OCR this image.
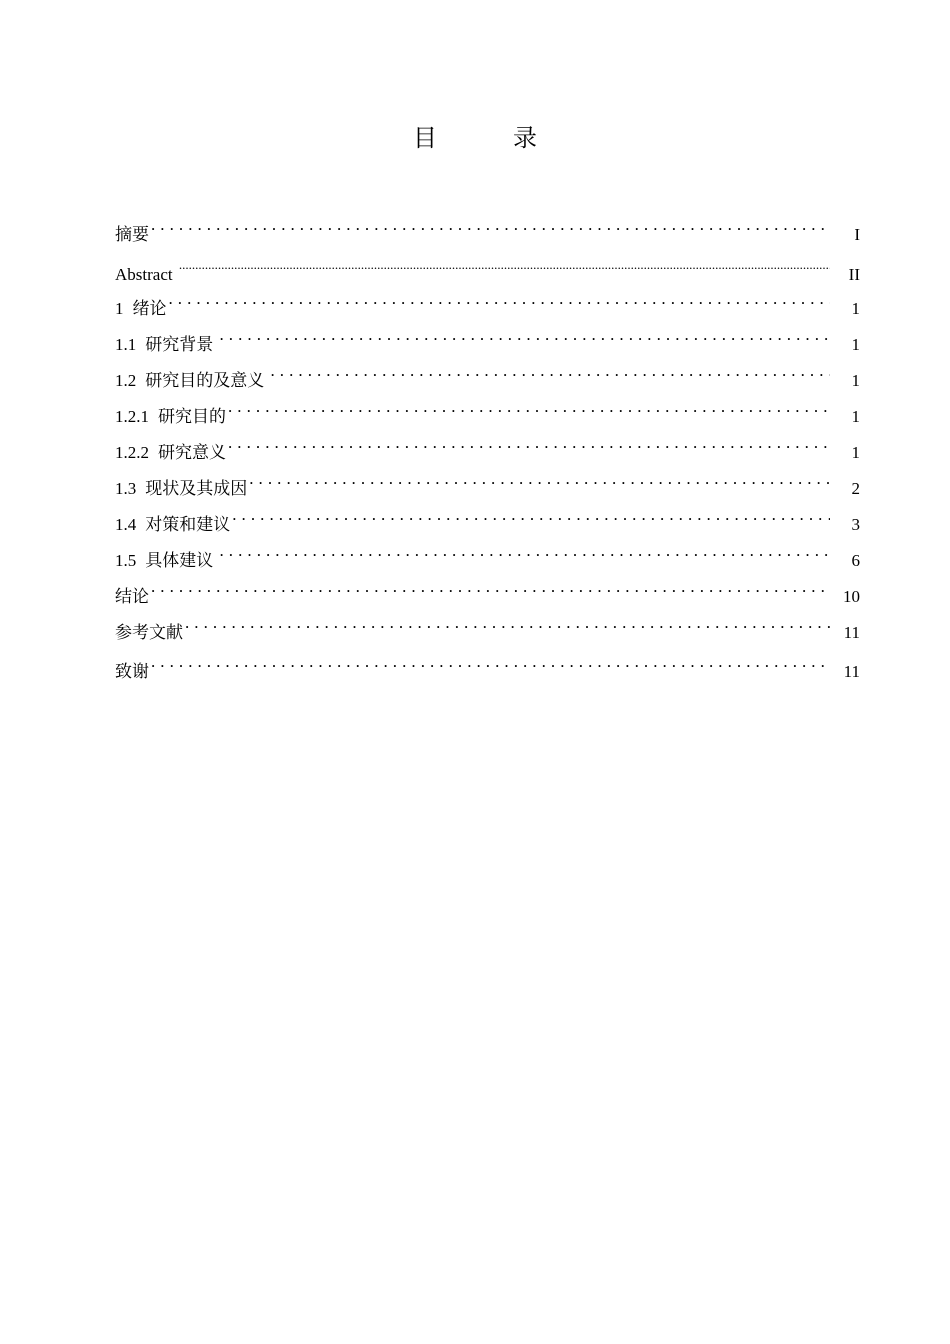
目　录
摘要 . . .	I
Abstract .....	II
1 绪论 . . .	1
1.1 研究背景 . . .	1
1.2 研究目的及意义 . . .	1
1.2.1 研究目的 . . .	1
1.2.2 研究意义 . . .	1
1.3 现状及其成因 . . .	2
1.4 对策和建议 . . .	3
1.5 具体建议 . . .	6
结论 . . .	10
参考文献 . . .	11
致谢 . . .	11
